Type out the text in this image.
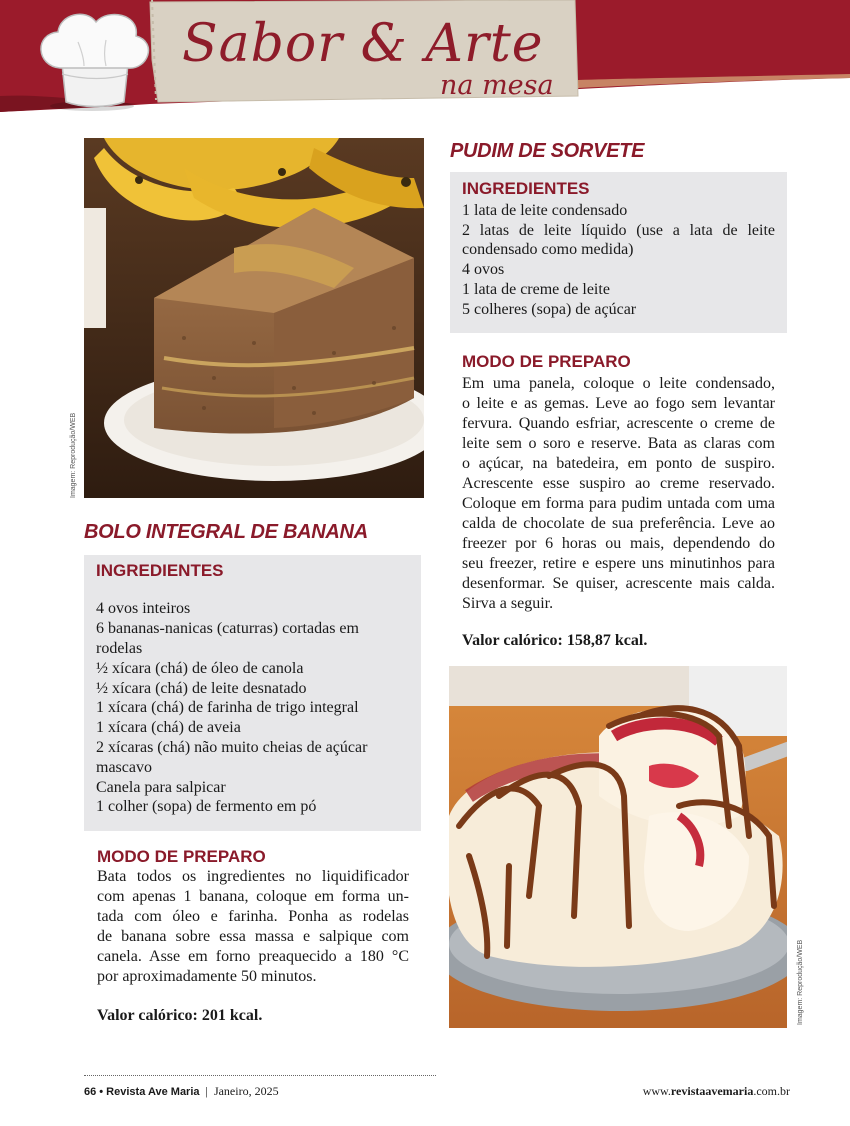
Sabor & Arte
na mesa
Imagem: Reprodução/WEB
BOLO INTEGRAL DE BANANA
INGREDIENTES
4 ovos inteiros
6 bananas-nanicas (caturras) cortadas em
rodelas
½ xícara (chá) de óleo de canola
½ xícara (chá) de leite desnatado
1 xícara (chá) de farinha de trigo integral
1 xícara (chá) de aveia
2 xícaras (chá) não muito cheias de açúcar
mascavo
Canela para salpicar
1 colher (sopa) de fermento em pó
MODO DE PREPARO
Bata todos os ingredientes no liquidificador
com apenas 1 banana, coloque em forma un-
tada com óleo e farinha. Ponha as rodelas
de banana sobre essa massa e salpique com
canela. Asse em forno preaquecido a 180 °C
por aproximadamente 50 minutos.
Valor calórico: 201 kcal.
PUDIM DE SORVETE
INGREDIENTES
1 lata de leite condensado
2 latas de leite líquido (use a lata de leite
condensado como medida)
4 ovos
1 lata de creme de leite
5 colheres (sopa) de açúcar
MODO DE PREPARO
Em uma panela, coloque o leite condensado,
o leite e as gemas. Leve ao fogo sem levantar
fervura. Quando esfriar, acrescente o creme de
leite sem o soro e reserve. Bata as claras com
o açúcar, na batedeira, em ponto de suspiro.
Acrescente esse suspiro ao creme reservado.
Coloque em forma para pudim untada com uma
calda de chocolate de sua preferência. Leve ao
freezer por 6 horas ou mais, dependendo do
seu freezer, retire e espere uns minutinhos para
desenformar. Se quiser, acrescente mais calda.
Sirva a seguir.
Valor calórico: 158,87 kcal.
Imagem: Reprodução/WEB
66 • Revista Ave Maria | Janeiro, 2025	www.revistaavemaria.com.br
